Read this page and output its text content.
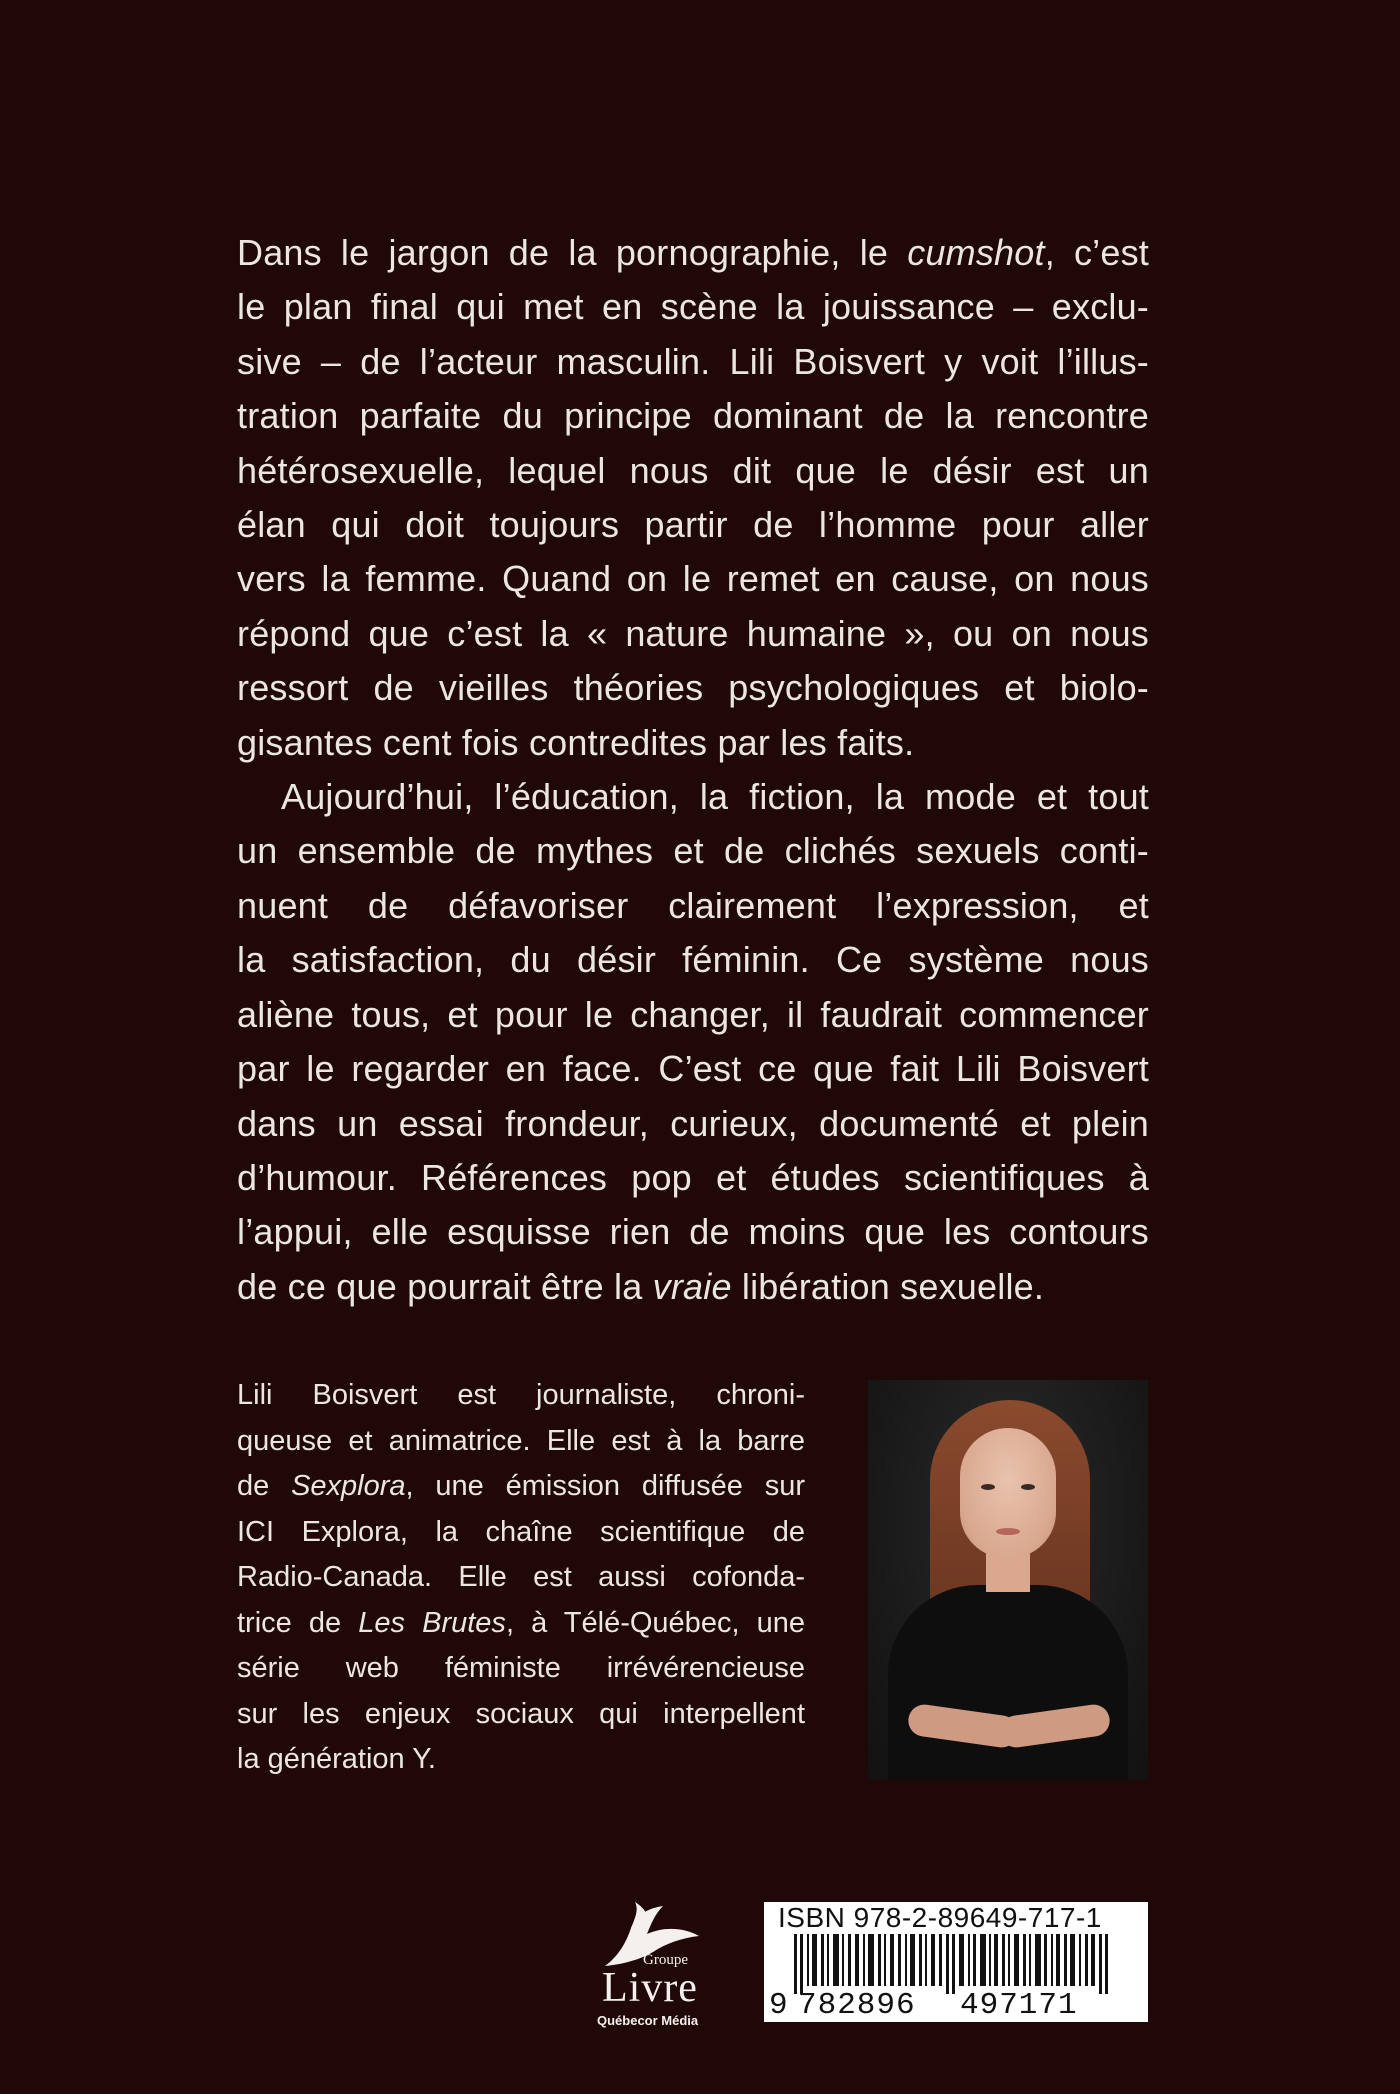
Dans le jargon de la pornographie, le cumshot, c’est
le plan final qui met en scène la jouissance – exclu-
sive – de l’acteur masculin. Lili Boisvert y voit l’illus-
tration parfaite du principe dominant de la rencontre
hétérosexuelle, lequel nous dit que le désir est un
élan qui doit toujours partir de l’homme pour aller
vers la femme. Quand on le remet en cause, on nous
répond que c’est la « nature humaine », ou on nous
ressort de vieilles théories psychologiques et biolo-
gisantes cent fois contredites par les faits.

Aujourd’hui, l’éducation, la fiction, la mode et tout
un ensemble de mythes et de clichés sexuels conti-
nuent de défavoriser clairement l’expression, et
la satisfaction, du désir féminin. Ce système nous
aliène tous, et pour le changer, il faudrait commencer
par le regarder en face. C’est ce que fait Lili Boisvert
dans un essai frondeur, curieux, documenté et plein
d’humour. Références pop et études scientifiques à
l’appui, elle esquisse rien de moins que les contours
de ce que pourrait être la vraie libération sexuelle.

Lili Boisvert est journaliste, chroni-
queuse et animatrice. Elle est à la barre
de Sexplora, une émission diffusée sur
ICI Explora, la chaîne scientifique de
Radio-Canada. Elle est aussi cofonda-
trice de Les Brutes, à Télé-Québec, une
série web féministe irrévérencieuse
sur les enjeux sociaux qui interpellent
la génération Y.
Groupe
Livre
Québecor Média
ISBN 978-2-89649-717-1
9 782896 497171
